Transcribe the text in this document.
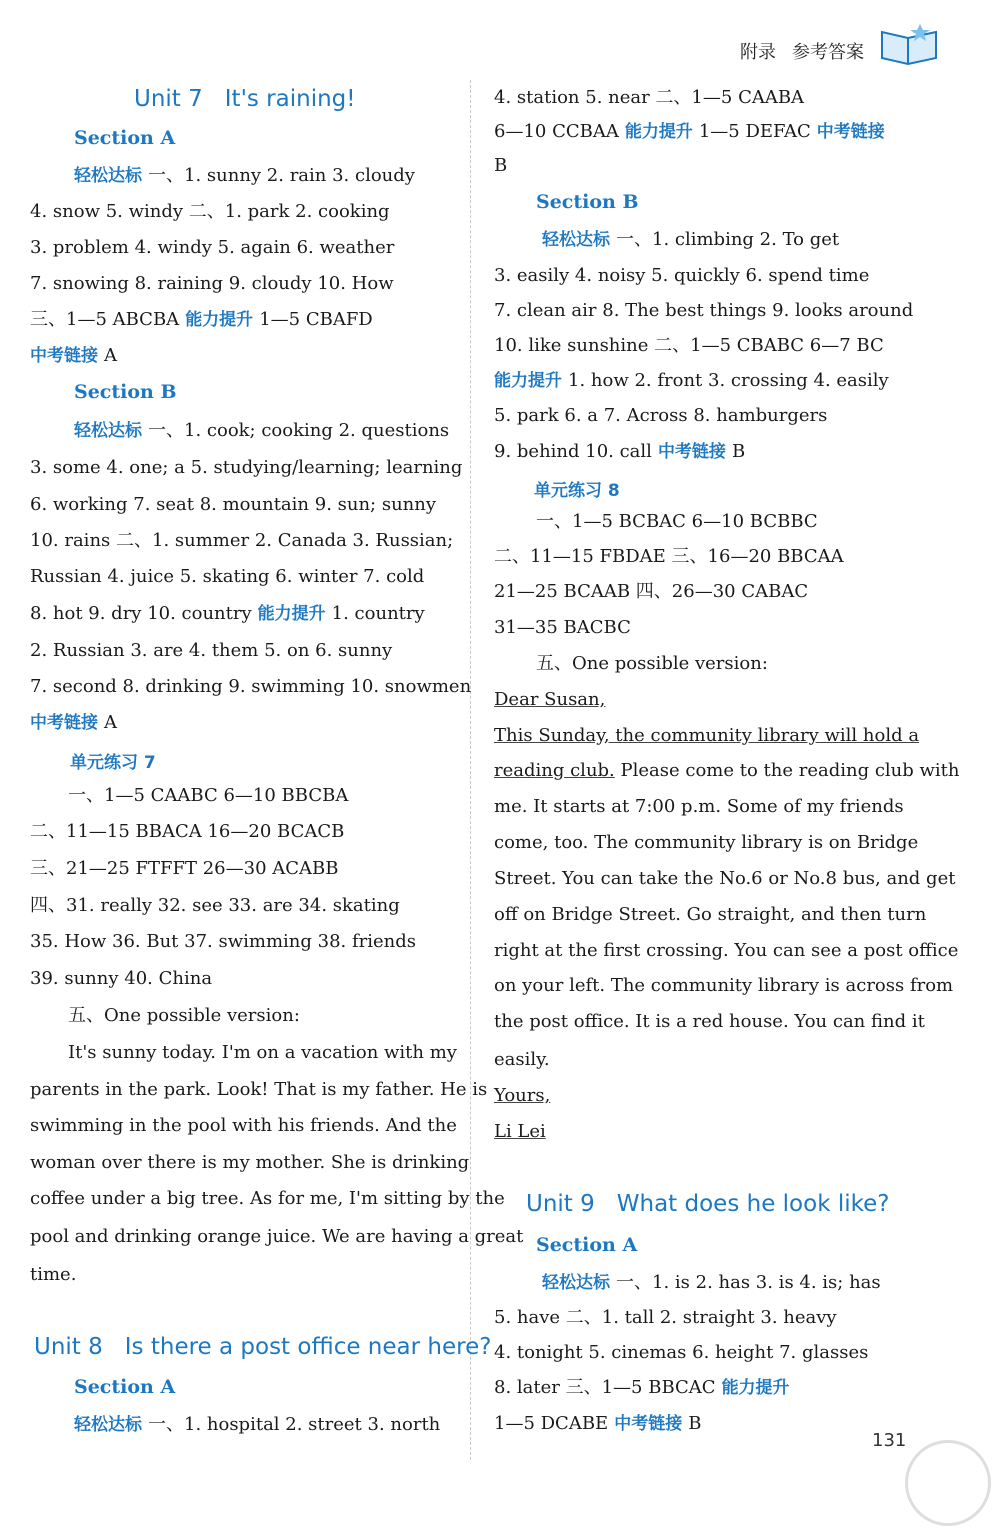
附录 参考答案
Unit 7 It's raining!
Section A
轻松达标 一、1. sunny 2. rain 3. cloudy
4. snow 5. windy 二、1. park 2. cooking
3. problem 4. windy 5. again 6. weather
7. snowing 8. raining 9. cloudy 10. How
三、1—5 ABCBA 能力提升 1—5 CBAFD
中考链接 A
Section B
轻松达标 一、1. cook; cooking 2. questions
3. some 4. one; a 5. studying/learning; learning
6. working 7. seat 8. mountain 9. sun; sunny
10. rains 二、1. summer 2. Canada 3. Russian;
Russian 4. juice 5. skating 6. winter 7. cold
8. hot 9. dry 10. country 能力提升 1. country
2. Russian 3. are 4. them 5. on 6. sunny
7. second 8. drinking 9. swimming 10. snowmen
中考链接 A
单元练习 7
一、1—5 CAABC 6—10 BBCBA
二、11—15 BBACA 16—20 BCACB
三、21—25 FTFFT 26—30 ACABB
四、31. really 32. see 33. are 34. skating
35. How 36. But 37. swimming 38. friends
39. sunny 40. China
五、One possible version:
It's sunny today. I'm on a vacation with my
parents in the park. Look! That is my father. He is
swimming in the pool with his friends. And the
woman over there is my mother. She is drinking
coffee under a big tree. As for me, I'm sitting by the
pool and drinking orange juice. We are having a great
time.
Unit 8 Is there a post office near here?
Section A
轻松达标 一、1. hospital 2. street 3. north
4. station 5. near 二、1—5 CAABA
6—10 CCBAA 能力提升 1—5 DEFAC 中考链接
B
Section B
轻松达标 一、1. climbing 2. To get
3. easily 4. noisy 5. quickly 6. spend time
7. clean air 8. The best things 9. looks around
10. like sunshine 二、1—5 CBABC 6—7 BC
能力提升 1. how 2. front 3. crossing 4. easily
5. park 6. a 7. Across 8. hamburgers
9. behind 10. call 中考链接 B
单元练习 8
一、1—5 BCBAC 6—10 BCBBC
二、11—15 FBDAE 三、16—20 BBCAA
21—25 BCAAB 四、26—30 CABAC
31—35 BACBC
五、One possible version:
Dear Susan,
This Sunday, the community library will hold a
reading club. Please come to the reading club with
me. It starts at 7:00 p.m. Some of my friends
come, too. The community library is on Bridge
Street. You can take the No.6 or No.8 bus, and get
off on Bridge Street. Go straight, and then turn
right at the first crossing. You can see a post office
on your left. The community library is across from
the post office. It is a red house. You can find it
easily.
Yours,
Li Lei
Unit 9 What does he look like?
Section A
轻松达标 一、1. is 2. has 3. is 4. is; has
5. have 二、1. tall 2. straight 3. heavy
4. tonight 5. cinemas 6. height 7. glasses
8. later 三、1—5 BBCAC 能力提升
1—5 DCABE 中考链接 B
131
